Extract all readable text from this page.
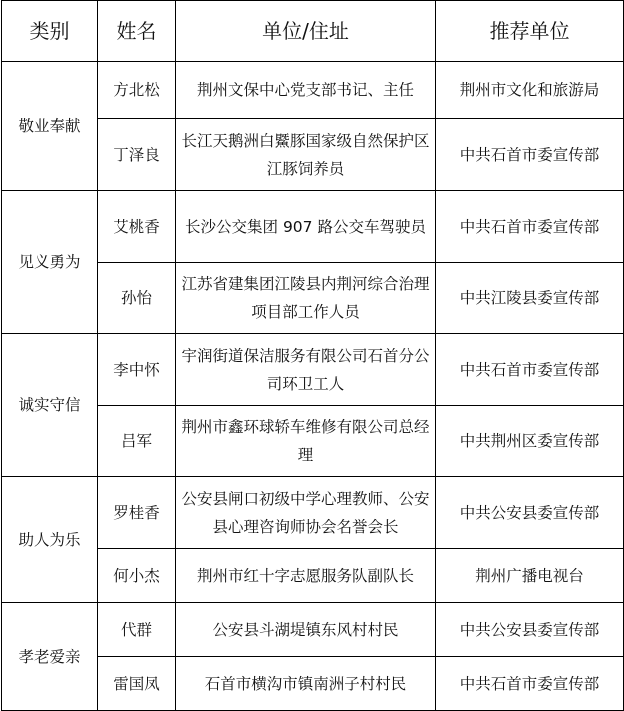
类别	姓名	单位/住址	推荐单位
敬业奉献	方北松	荆州文保中心党支部书记、主任	荆州市文化和旅游局
	丁泽良	长江天鹅洲白鱀豚国家级自然保护区江豚饲养员	中共石首市委宣传部
见义勇为	艾桃香	长沙公交集团 907 路公交车驾驶员	中共石首市委宣传部
	孙怡	江苏省建集团江陵县内荆河综合治理项目部工作人员	中共江陵县委宣传部
诚实守信	李中怀	宇润街道保洁服务有限公司石首分公司环卫工人	中共石首市委宣传部
	吕军	荆州市鑫环球轿车维修有限公司总经理	中共荆州区委宣传部
助人为乐	罗桂香	公安县闸口初级中学心理教师、公安县心理咨询师协会名誉会长	中共公安县委宣传部
	何小杰	荆州市红十字志愿服务队副队长	荆州广播电视台
孝老爱亲	代群	公安县斗湖堤镇东风村村民	中共公安县委宣传部
	雷国凤	石首市横沟市镇南洲子村村民	中共石首市委宣传部
